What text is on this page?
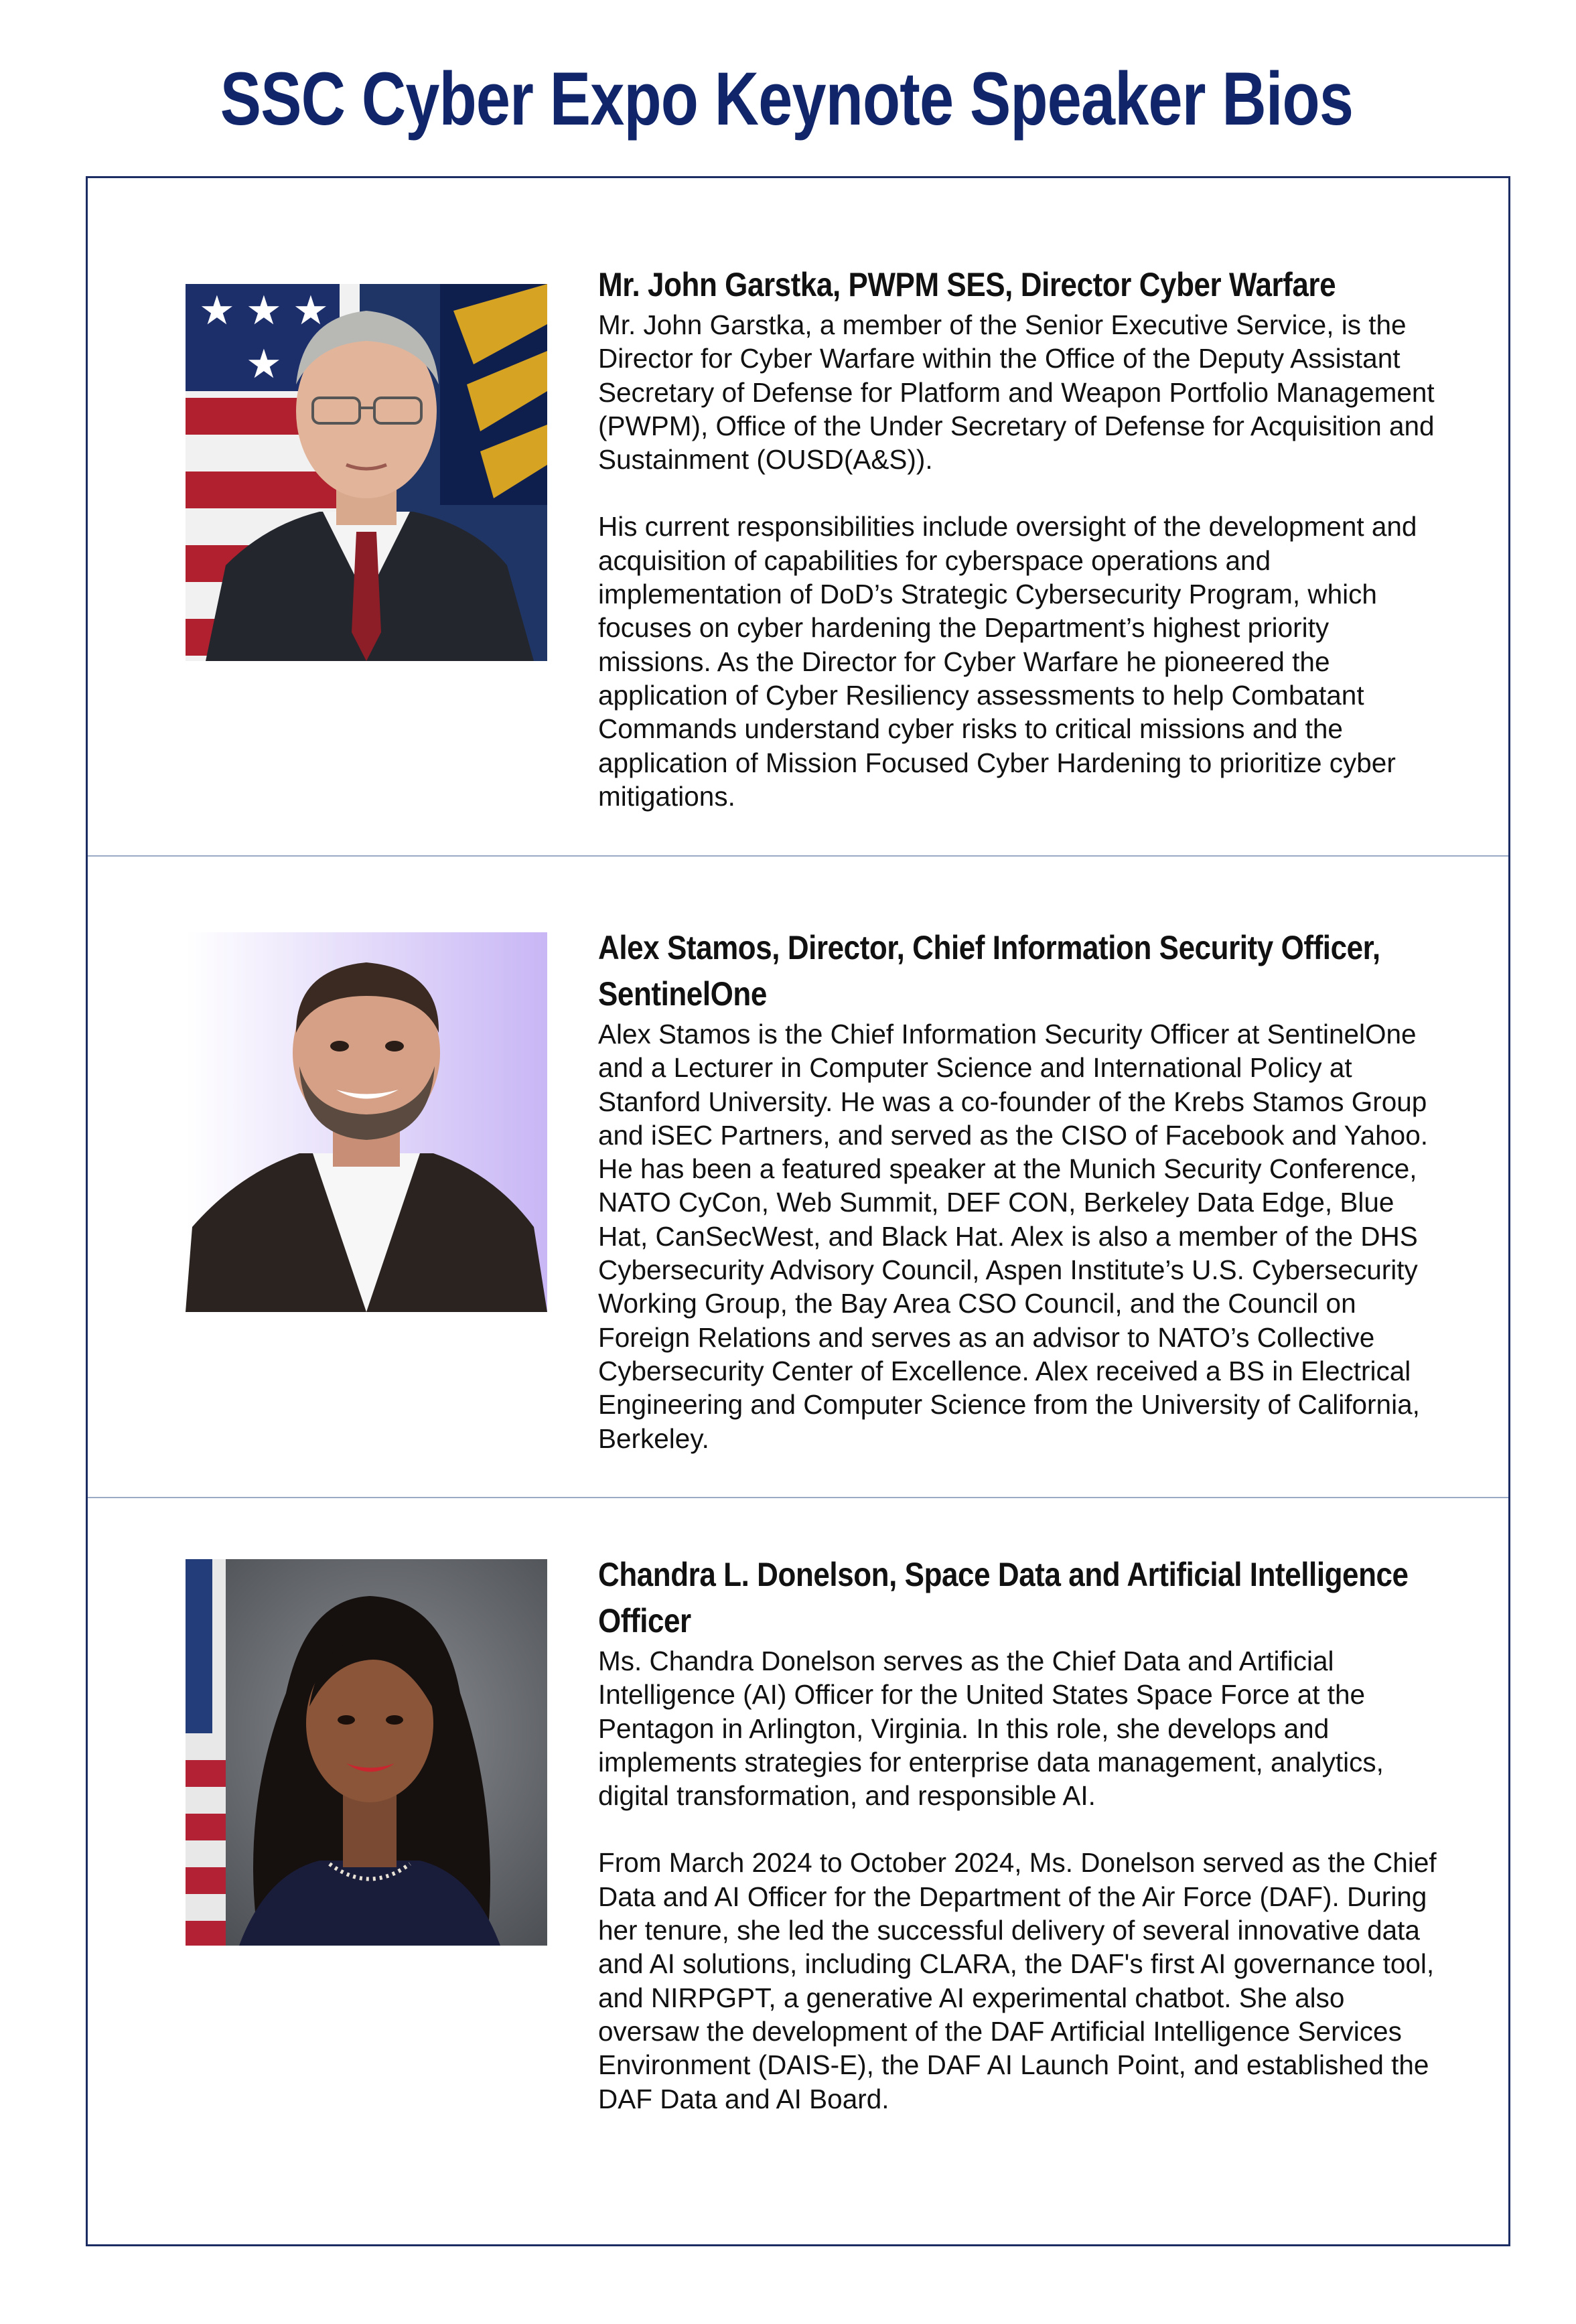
SSC Cyber Expo Keynote Speaker Bios
★ ★ ★
★
Mr. John Garstka, PWPM SES, Director Cyber Warfare

Mr. John Garstka, a member of the Senior Executive Service, is the Director for Cyber Warfare within the Office of the Deputy Assistant Secretary of Defense for Platform and Weapon Portfolio Management (PWPM), Office of the Under Secretary of Defense for Acquisition and Sustainment (OUSD(A&S)).

His current responsibilities include oversight of the development and acquisition of capabilities for cyberspace operations and implementation of DoD’s Strategic Cybersecurity Program, which focuses on cyber hardening the Department’s highest priority missions. As the Director for Cyber Warfare he pioneered the application of Cyber Resiliency assessments to help Combatant Commands understand cyber risks to critical missions and the application of Mission Focused Cyber Hardening to prioritize cyber mitigations.

Alex Stamos, Director, Chief Information Security Officer, SentinelOne

Alex Stamos is the Chief Information Security Officer at SentinelOne and a Lecturer in Computer Science and International Policy at Stanford University. He was a co-founder of the Krebs Stamos Group and iSEC Partners, and served as the CISO of Facebook and Yahoo. He has been a featured speaker at the Munich Security Conference, NATO CyCon, Web Summit, DEF CON, Berkeley Data Edge, Blue Hat, CanSecWest, and Black Hat. Alex is also a member of the DHS Cybersecurity Advisory Council, Aspen Institute’s U.S. Cybersecurity Working Group, the Bay Area CSO Council, and the Council on Foreign Relations and serves as an advisor to NATO’s Collective Cybersecurity Center of Excellence. Alex received a BS in Electrical Engineering and Computer Science from the University of California, Berkeley.

Chandra L. Donelson, Space Data and Artificial Intelligence Officer

Ms. Chandra Donelson serves as the Chief Data and Artificial Intelligence (AI) Officer for the United States Space Force at the Pentagon in Arlington, Virginia. In this role, she develops and implements strategies for enterprise data management, analytics, digital transformation, and responsible AI.

From March 2024 to October 2024, Ms. Donelson served as the Chief Data and AI Officer for the Department of the Air Force (DAF). During her tenure, she led the successful delivery of several innovative data and AI solutions, including CLARA, the DAF's first AI governance tool, and NIRPGPT, a generative AI experimental chatbot. She also oversaw the development of the DAF Artificial Intelligence Services Environment (DAIS-E), the DAF AI Launch Point, and established the DAF Data and AI Board.
